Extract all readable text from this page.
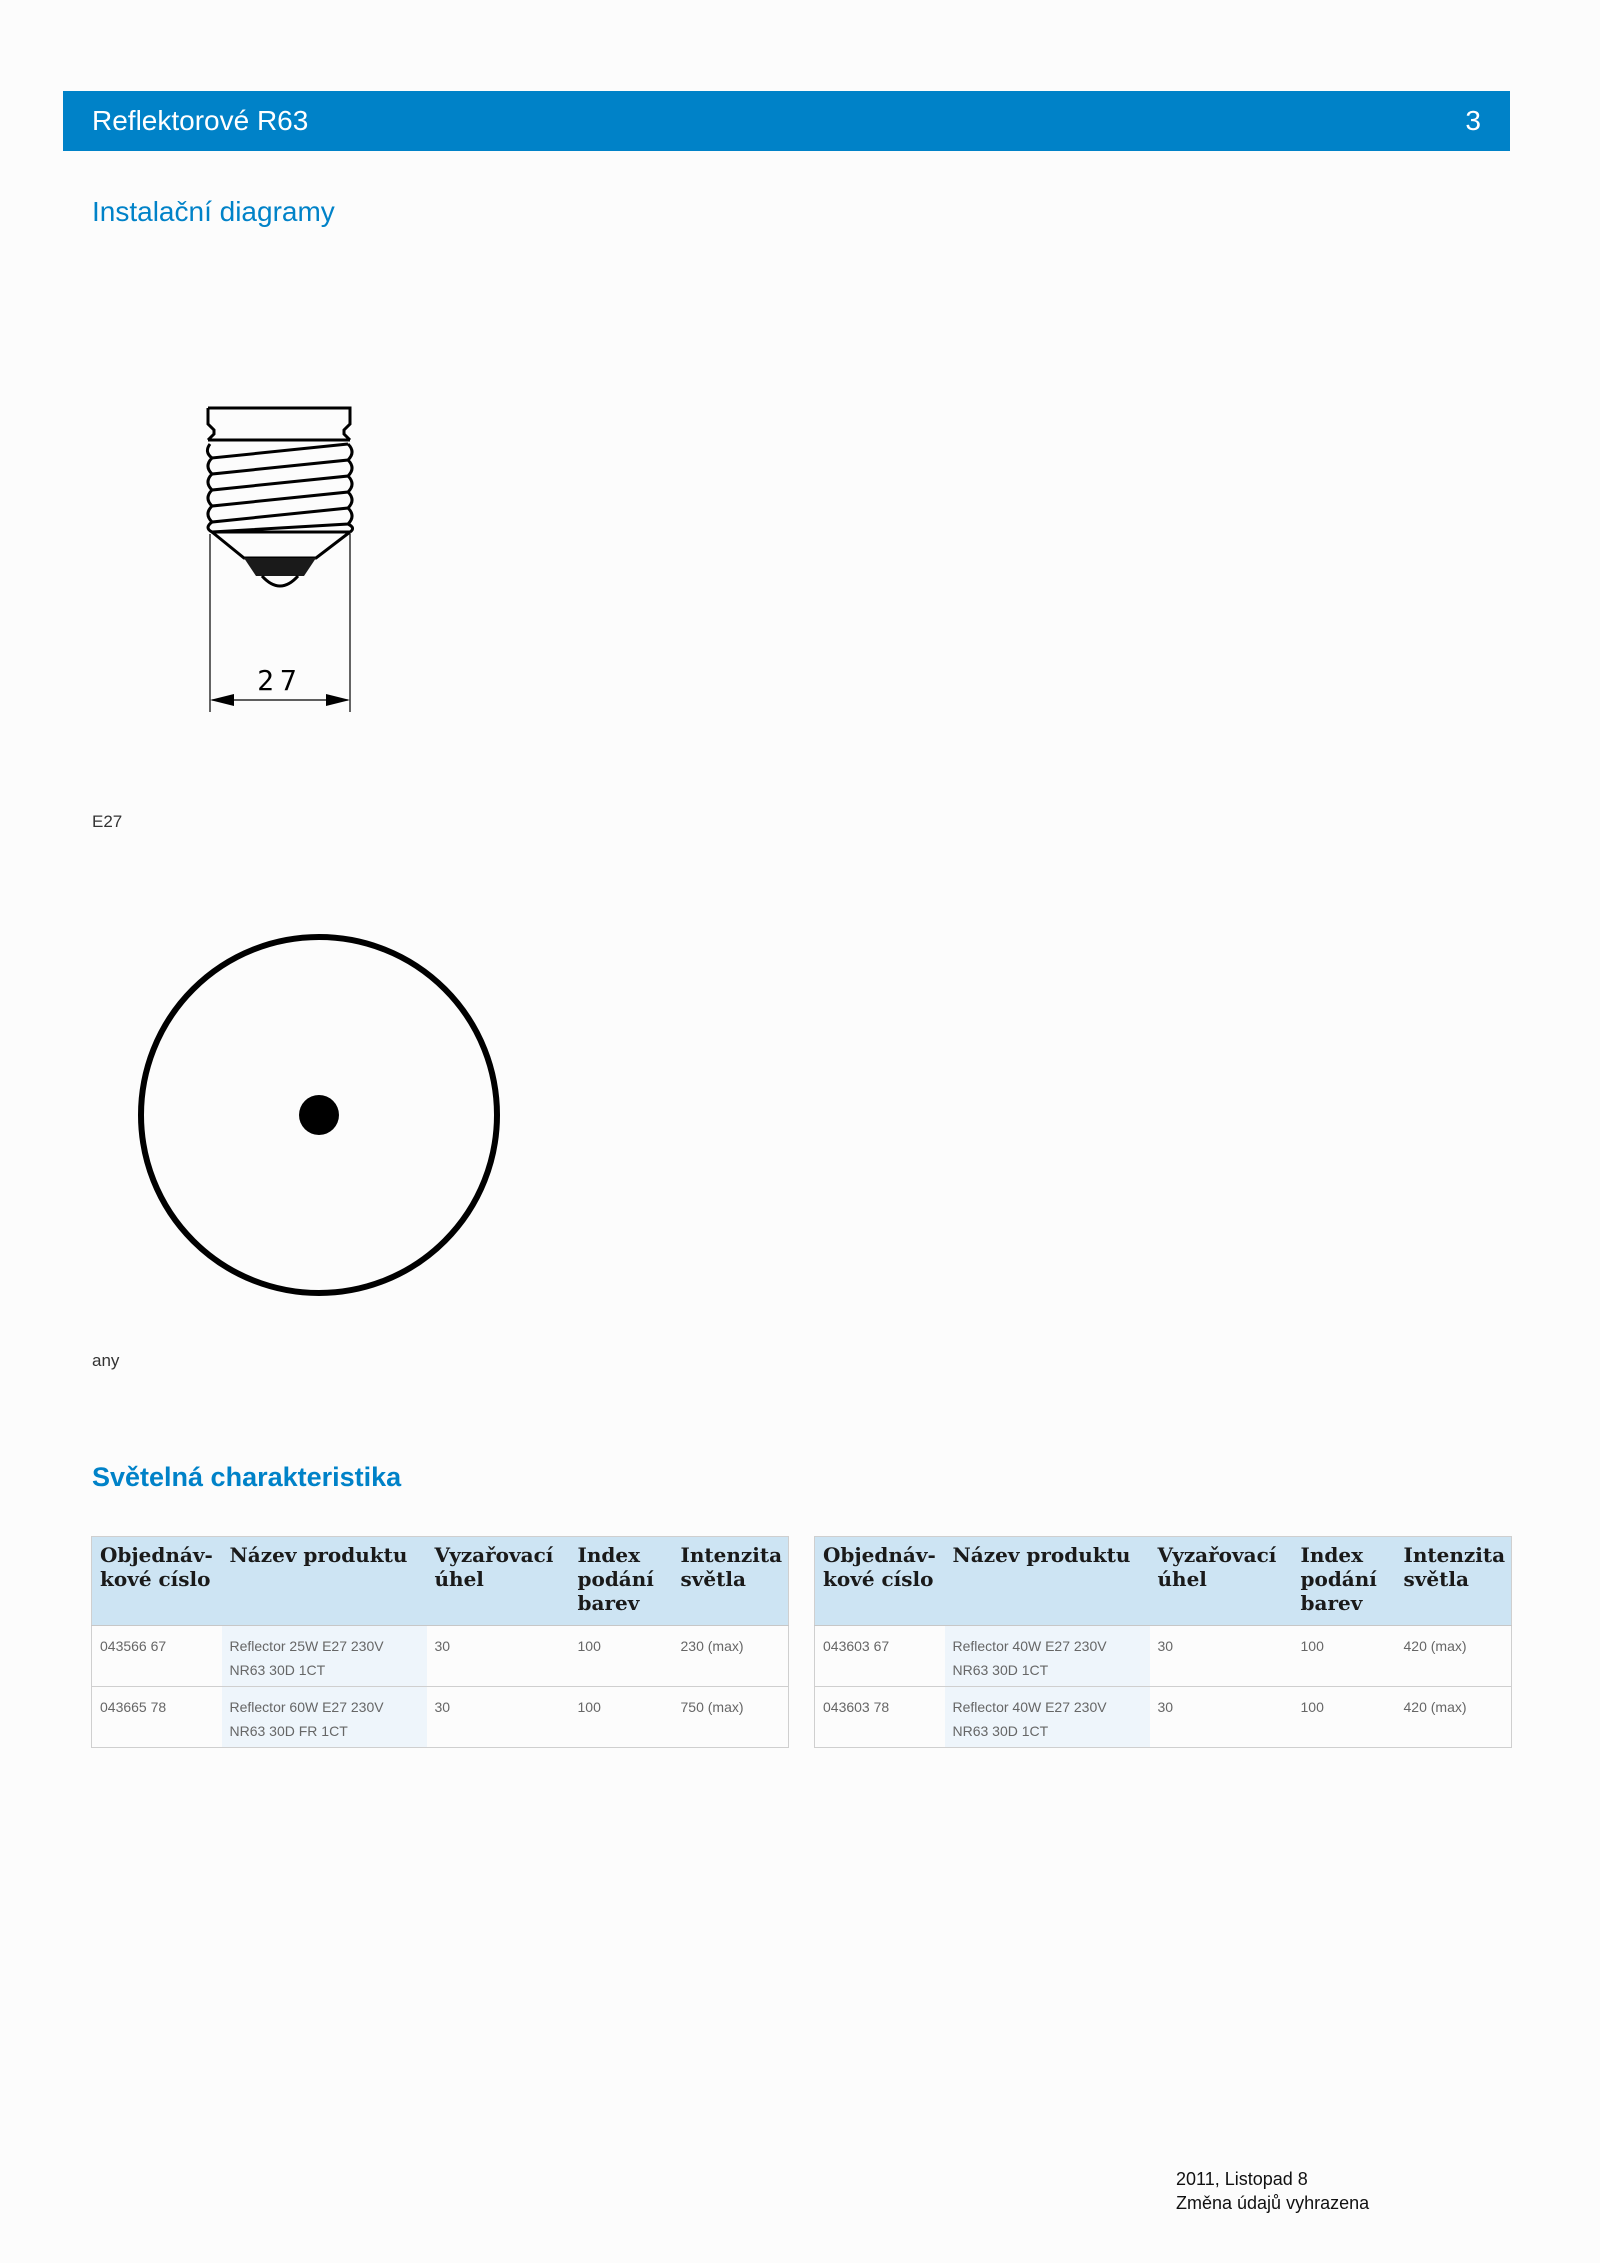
Reflektorové R63	3
Instalační diagramy
27
E27
any
Světelná charakteristika
Objednáv-kové císlo	Název produktu	Vyzařovací úhel	Index podání barev	Intenzita světla
043566 67	Reflector 25W E27 230V NR63 30D 1CT	30	100	230 (max)
043665 78	Reflector 60W E27 230V NR63 30D FR 1CT	30	100	750 (max)
Objednáv-kové císlo	Název produktu	Vyzařovací úhel	Index podání barev	Intenzita světla
043603 67	Reflector 40W E27 230V NR63 30D 1CT	30	100	420 (max)
043603 78	Reflector 40W E27 230V NR63 30D 1CT	30	100	420 (max)
2011, Listopad 8
Změna údajů vyhrazena
